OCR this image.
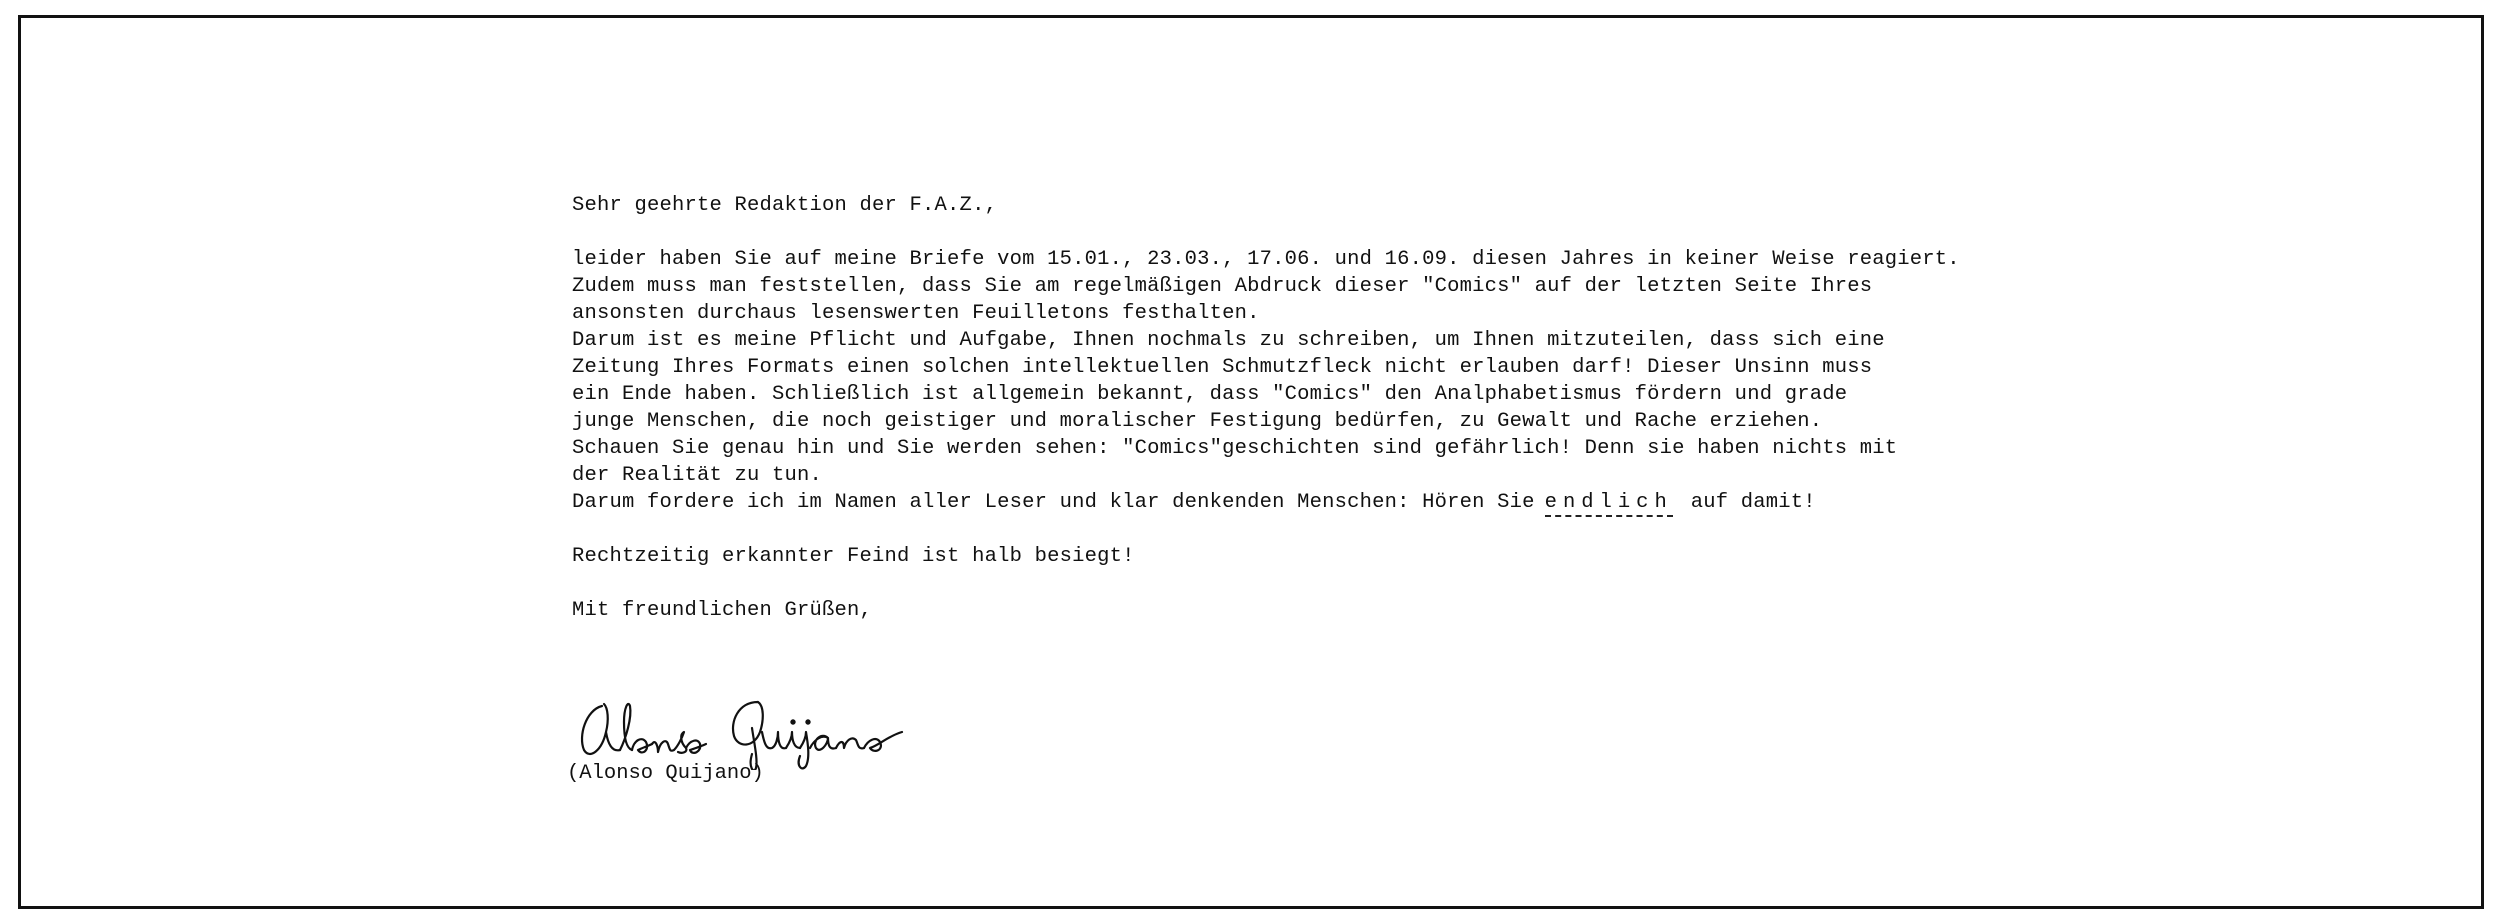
Sehr geehrte Redaktion der F.A.Z.,
leider haben Sie auf meine Briefe vom 15.01., 23.03., 17.06. und 16.09. diesen Jahres in keiner Weise reagiert.
Zudem muss man feststellen, dass Sie am regelmäßigen Abdruck dieser "Comics" auf der letzten Seite Ihres
ansonsten durchaus lesenswerten Feuilletons festhalten.
Darum ist es meine Pflicht und Aufgabe, Ihnen nochmals zu schreiben, um Ihnen mitzuteilen, dass sich eine
Zeitung Ihres Formats einen solchen intellektuellen Schmutzfleck nicht erlauben darf! Dieser Unsinn muss
ein Ende haben. Schließlich ist allgemein bekannt, dass "Comics" den Analphabetismus fördern und grade
junge Menschen, die noch geistiger und moralischer Festigung bedürfen, zu Gewalt und Rache erziehen.
Schauen Sie genau hin und Sie werden sehen: "Comics"geschichten sind gefährlich! Denn sie haben nichts mit
der Realität zu tun.
Darum fordere ich im Namen aller Leser und klar denkenden Menschen: Hören Sie endlich auf damit!
Rechtzeitig erkannter Feind ist halb besiegt!
Mit freundlichen Grüßen,
(Alonso Quijano)
